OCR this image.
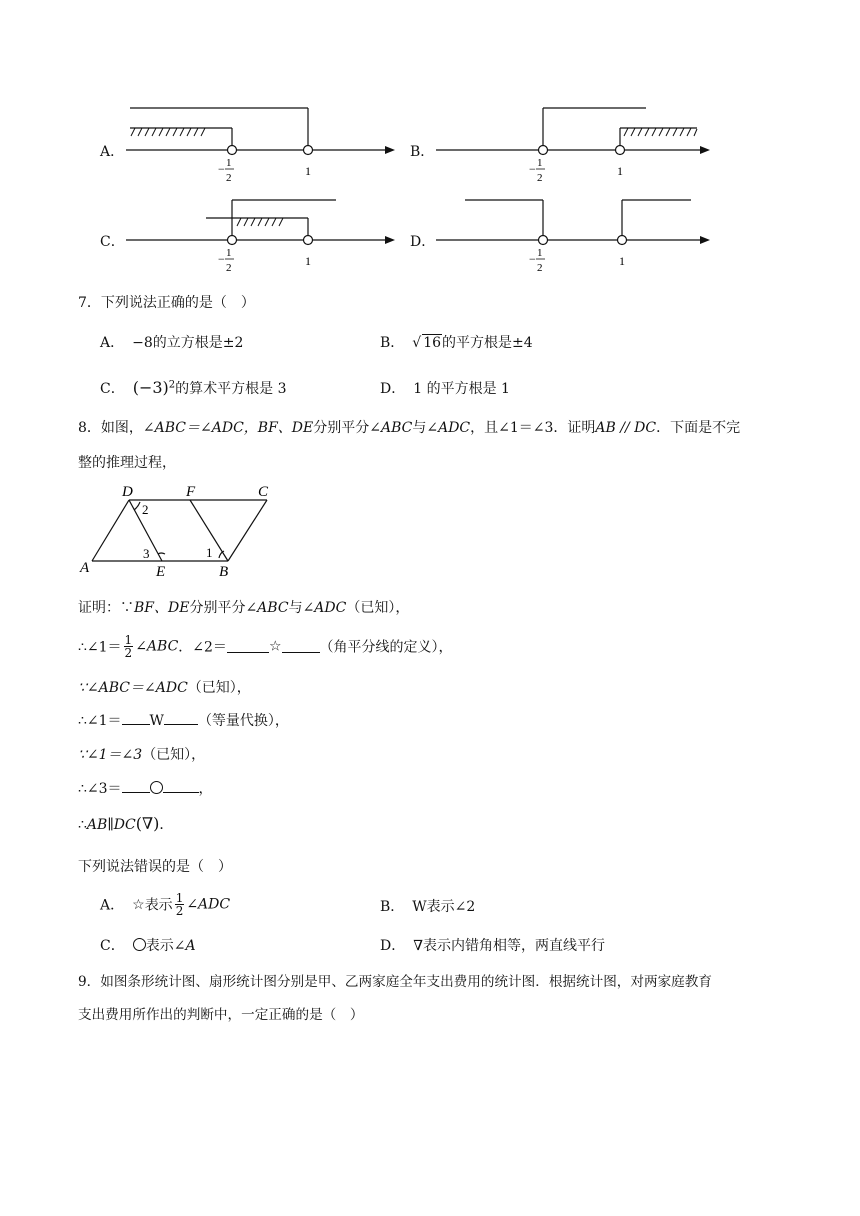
A．	B．
C．	D．
− 1
2	1	− 1
2	1
− 1
2	1	− 1
2	1
7．下列说法正确的是（　）
A． −8的立方根是±2	B． √ 16的平方根是±4
C． $(-3)^2$的算术平方根是 3	D． 1 的平方根是 1
8．如图，∠ABC＝∠ADC，BF、DE分别平分∠ABC与∠ADC，且∠1＝∠3．证明AB // DC．下面是不完
整的推理过程，
D	F	C
A	E	B
1
2
3
证明：∵BF、DE分别平分∠ABC与∠ADC（已知），
∴∠1＝ $\frac{1}{2}$ ∠ABC．∠2＝	☆	（角平分线的定义），
∵∠ABC＝∠ADC（已知），
∴∠1＝ W （等量代换），
∵∠1＝∠3（已知），
∴∠3＝	，
∴AB∥DC(∇)．
下列说法错误的是（　）
A． ☆表示 $\frac{1}{2}$ ∠ADC	B． W表示∠2
C． 表示∠A	D． ∇表示内错角相等，两直线平行
9．如图条形统计图、扇形统计图分别是甲、乙两家庭全年支出费用的统计图．根据统计图，对两家庭教育
支出费用所作出的判断中，一定正确的是（　）
